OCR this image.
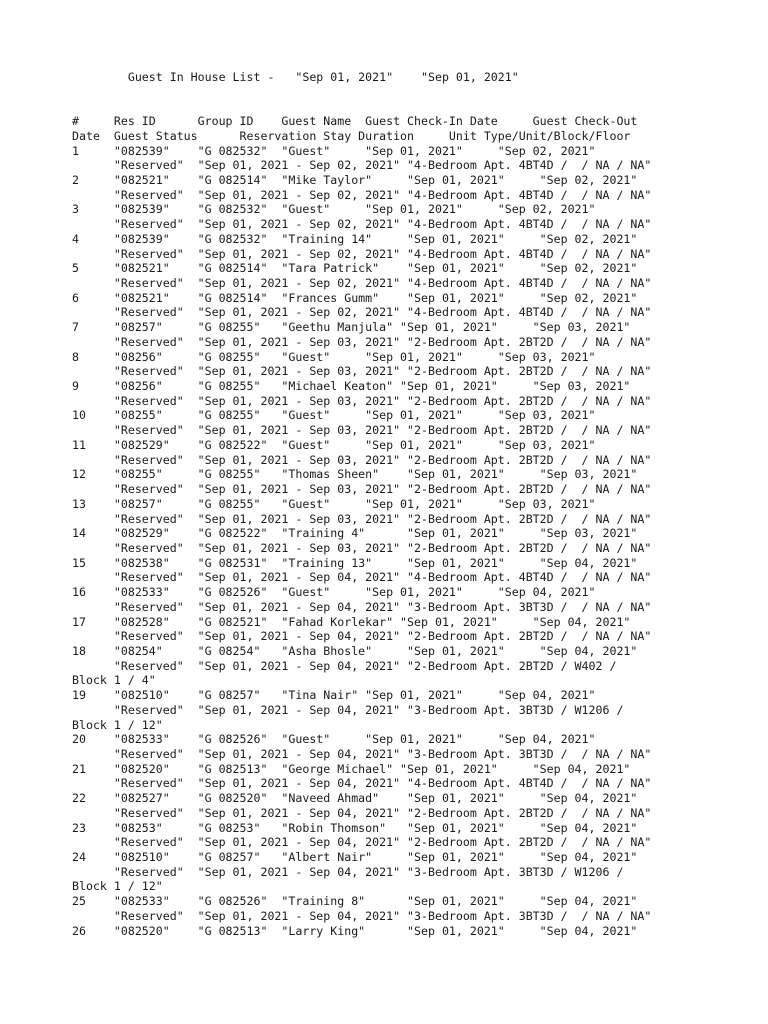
Guest In House List -   "Sep 01, 2021"    "Sep 01, 2021"
#     Res ID      Group ID    Guest Name  Guest Check-In Date     Guest Check-Out
Date  Guest Status      Reservation Stay Duration     Unit Type/Unit/Block/Floor
1     "082539"    "G 082532"  "Guest"     "Sep 01, 2021"     "Sep 02, 2021"
"Reserved"  "Sep 01, 2021 - Sep 02, 2021" "4-Bedroom Apt. 4BT4D /  / NA / NA"
2     "082521"    "G 082514"  "Mike Taylor"     "Sep 01, 2021"     "Sep 02, 2021"
"Reserved"  "Sep 01, 2021 - Sep 02, 2021" "4-Bedroom Apt. 4BT4D /  / NA / NA"
3     "082539"    "G 082532"  "Guest"     "Sep 01, 2021"     "Sep 02, 2021"
"Reserved"  "Sep 01, 2021 - Sep 02, 2021" "4-Bedroom Apt. 4BT4D /  / NA / NA"
4     "082539"    "G 082532"  "Training 14"     "Sep 01, 2021"     "Sep 02, 2021"
"Reserved"  "Sep 01, 2021 - Sep 02, 2021" "4-Bedroom Apt. 4BT4D /  / NA / NA"
5     "082521"    "G 082514"  "Tara Patrick"    "Sep 01, 2021"     "Sep 02, 2021"
"Reserved"  "Sep 01, 2021 - Sep 02, 2021" "4-Bedroom Apt. 4BT4D /  / NA / NA"
6     "082521"    "G 082514"  "Frances Gumm"    "Sep 01, 2021"     "Sep 02, 2021"
"Reserved"  "Sep 01, 2021 - Sep 02, 2021" "4-Bedroom Apt. 4BT4D /  / NA / NA"
7     "08257"     "G 08255"   "Geethu Manjula" "Sep 01, 2021"     "Sep 03, 2021"
"Reserved"  "Sep 01, 2021 - Sep 03, 2021" "2-Bedroom Apt. 2BT2D /  / NA / NA"
8     "08256"     "G 08255"   "Guest"     "Sep 01, 2021"     "Sep 03, 2021"
"Reserved"  "Sep 01, 2021 - Sep 03, 2021" "2-Bedroom Apt. 2BT2D /  / NA / NA"
9     "08256"     "G 08255"   "Michael Keaton" "Sep 01, 2021"     "Sep 03, 2021"
"Reserved"  "Sep 01, 2021 - Sep 03, 2021" "2-Bedroom Apt. 2BT2D /  / NA / NA"
10    "08255"     "G 08255"   "Guest"     "Sep 01, 2021"     "Sep 03, 2021"
"Reserved"  "Sep 01, 2021 - Sep 03, 2021" "2-Bedroom Apt. 2BT2D /  / NA / NA"
11    "082529"    "G 082522"  "Guest"     "Sep 01, 2021"     "Sep 03, 2021"
"Reserved"  "Sep 01, 2021 - Sep 03, 2021" "2-Bedroom Apt. 2BT2D /  / NA / NA"
12    "08255"     "G 08255"   "Thomas Sheen"    "Sep 01, 2021"     "Sep 03, 2021"
"Reserved"  "Sep 01, 2021 - Sep 03, 2021" "2-Bedroom Apt. 2BT2D /  / NA / NA"
13    "08257"     "G 08255"   "Guest"     "Sep 01, 2021"     "Sep 03, 2021"
"Reserved"  "Sep 01, 2021 - Sep 03, 2021" "2-Bedroom Apt. 2BT2D /  / NA / NA"
14    "082529"    "G 082522"  "Training 4"      "Sep 01, 2021"     "Sep 03, 2021"
"Reserved"  "Sep 01, 2021 - Sep 03, 2021" "2-Bedroom Apt. 2BT2D /  / NA / NA"
15    "082538"    "G 082531"  "Training 13"     "Sep 01, 2021"     "Sep 04, 2021"
"Reserved"  "Sep 01, 2021 - Sep 04, 2021" "4-Bedroom Apt. 4BT4D /  / NA / NA"
16    "082533"    "G 082526"  "Guest"     "Sep 01, 2021"     "Sep 04, 2021"
"Reserved"  "Sep 01, 2021 - Sep 04, 2021" "3-Bedroom Apt. 3BT3D /  / NA / NA"
17    "082528"    "G 082521"  "Fahad Korlekar" "Sep 01, 2021"     "Sep 04, 2021"
"Reserved"  "Sep 01, 2021 - Sep 04, 2021" "2-Bedroom Apt. 2BT2D /  / NA / NA"
18    "08254"     "G 08254"   "Asha Bhosle"     "Sep 01, 2021"     "Sep 04, 2021"
"Reserved"  "Sep 01, 2021 - Sep 04, 2021" "2-Bedroom Apt. 2BT2D / W402 /
Block 1 / 4"
19    "082510"    "G 08257"   "Tina Nair" "Sep 01, 2021"     "Sep 04, 2021"
"Reserved"  "Sep 01, 2021 - Sep 04, 2021" "3-Bedroom Apt. 3BT3D / W1206 /
Block 1 / 12"
20    "082533"    "G 082526"  "Guest"     "Sep 01, 2021"     "Sep 04, 2021"
"Reserved"  "Sep 01, 2021 - Sep 04, 2021" "3-Bedroom Apt. 3BT3D /  / NA / NA"
21    "082520"    "G 082513"  "George Michael" "Sep 01, 2021"     "Sep 04, 2021"
"Reserved"  "Sep 01, 2021 - Sep 04, 2021" "4-Bedroom Apt. 4BT4D /  / NA / NA"
22    "082527"    "G 082520"  "Naveed Ahmad"    "Sep 01, 2021"     "Sep 04, 2021"
"Reserved"  "Sep 01, 2021 - Sep 04, 2021" "2-Bedroom Apt. 2BT2D /  / NA / NA"
23    "08253"     "G 08253"   "Robin Thomson"   "Sep 01, 2021"     "Sep 04, 2021"
"Reserved"  "Sep 01, 2021 - Sep 04, 2021" "2-Bedroom Apt. 2BT2D /  / NA / NA"
24    "082510"    "G 08257"   "Albert Nair"     "Sep 01, 2021"     "Sep 04, 2021"
"Reserved"  "Sep 01, 2021 - Sep 04, 2021" "3-Bedroom Apt. 3BT3D / W1206 /
Block 1 / 12"
25    "082533"    "G 082526"  "Training 8"      "Sep 01, 2021"     "Sep 04, 2021"
"Reserved"  "Sep 01, 2021 - Sep 04, 2021" "3-Bedroom Apt. 3BT3D /  / NA / NA"
26    "082520"    "G 082513"  "Larry King"      "Sep 01, 2021"     "Sep 04, 2021"
